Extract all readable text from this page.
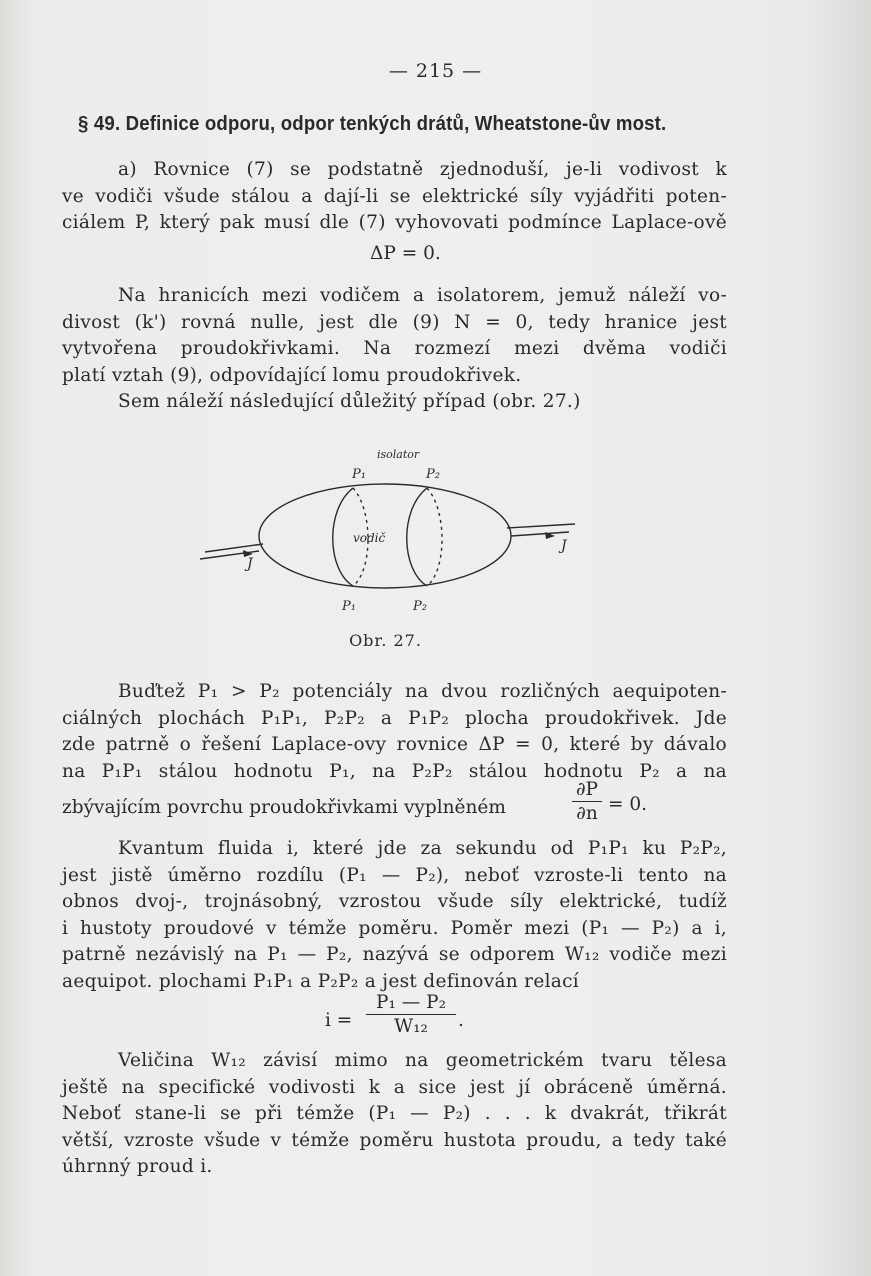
— 215 —
§ 49. Definice odporu, odpor tenkých drátů, Wheatstone-ův most.
a) Rovnice (7) se podstatně zjednoduší, je-li vodivost k
ve vodiči všude stálou a dají-li se elektrické síly vyjádřiti poten-
ciálem P, který pak musí dle (7) vyhovovati podmínce Laplace-ově
ΔP = 0.
Na hranicích mezi vodičem a isolatorem, jemuž náleží vo-
divost (k') rovná nulle, jest dle (9) N = 0, tedy hranice jest
vytvořena proudokřivkami. Na rozmezí mezi dvěma vodiči
platí vztah (9), odpovídající lomu proudokřivek.
Sem náleží následující důležitý případ (obr. 27.)
isolator
P₁	P₂
vodič
P₁	P₂
J
J
Obr. 27.
Buďtež P₁ > P₂ potenciály na dvou rozličných aequipoten-
ciálných plochách P₁P₁, P₂P₂ a P₁P₂ plocha proudokřivek. Jde
zde patrně o řešení Laplace-ovy rovnice ΔP = 0, které by dávalo
na P₁P₁ stálou hodnotu P₁, na P₂P₂ stálou hodnotu P₂ a na
zbývajícím povrchu proudokřivkami vyplněném
∂P
∂n = 0.
Kvantum fluida i, které jde za sekundu od P₁P₁ ku P₂P₂,
jest jistě úměrno rozdílu (P₁ — P₂), neboť vzroste-li tento na
obnos dvoj-, trojnásobný, vzrostou všude síly elektrické, tudíž
i hustoty proudové v témže poměru. Poměr mezi (P₁ — P₂) a i,
patrně nezávislý na P₁ — P₂, nazývá se odporem W₁₂ vodiče mezi
aequipot. plochami P₁P₁ a P₂P₂ a jest definován relací
i =
P₁ — P₂
W₁₂	.
Veličina W₁₂ závisí mimo na geometrickém tvaru tělesa
ještě na specifické vodivosti k a sice jest jí obráceně úměrná.
Neboť stane-li se při témže (P₁ — P₂) . . . k dvakrát, třikrát
větší, vzroste všude v témže poměru hustota proudu, a tedy také
úhrnný proud i.
